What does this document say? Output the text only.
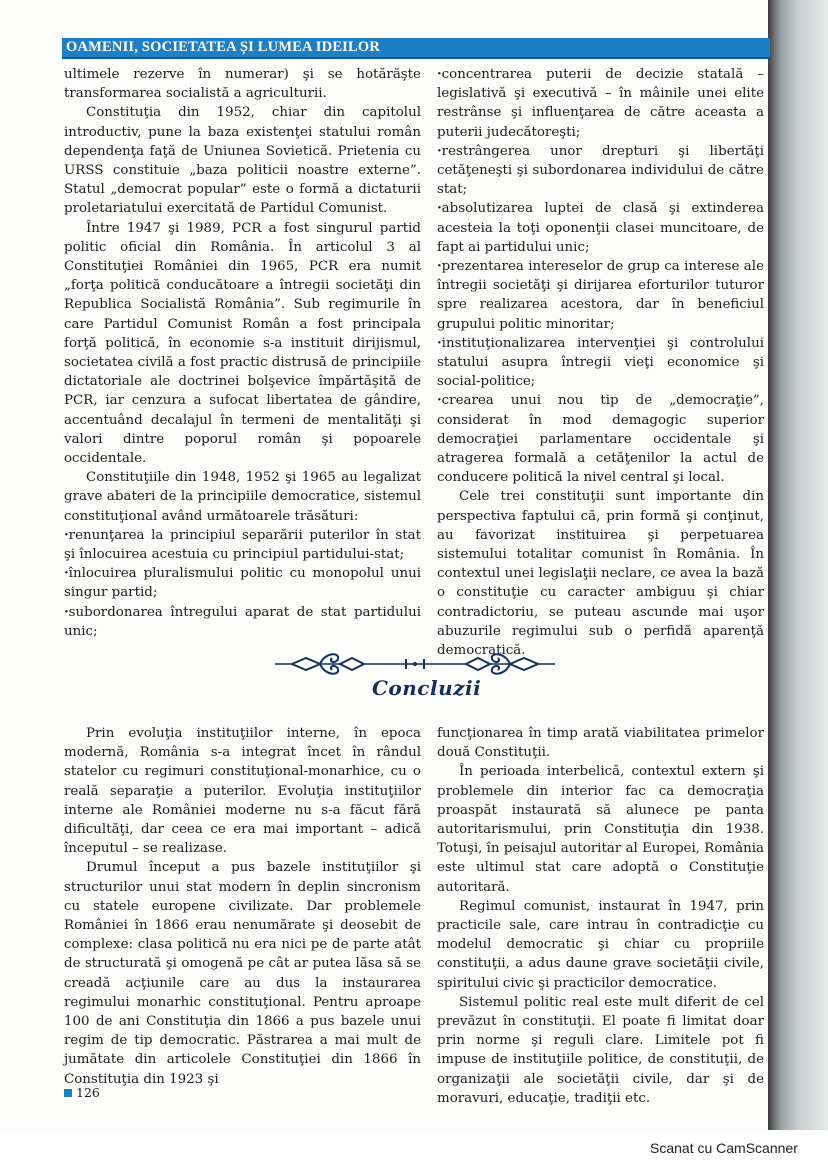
OAMENII, SOCIETATEA ȘI LUMEA IDEILOR

ultimele rezerve în numerar) şi se hotărăşte transformarea socialistă a agriculturii.

Constituţia din 1952, chiar din capitolul introductiv, pune la baza existenţei statului român dependenţa faţă de Uniunea Sovietică. Prietenia cu URSS constituie „baza politicii noastre externe”. Statul „democrat popular” este o formă a dictaturii proletariatului exercitată de Partidul Comunist.

Între 1947 şi 1989, PCR a fost singurul partid politic oficial din România. În articolul 3 al Constituţiei României din 1965, PCR era numit „forţa politică conducătoare a întregii societăţi din Republica Socialistă România”. Sub regimurile în care Partidul Comunist Român a fost principala forţă politică, în economie s-a instituit dirijismul, societatea civilă a fost practic distrusă de principiile dictatoriale ale doctrinei bolşevice împărtăşită de PCR, iar cenzura a sufocat libertatea de gândire, accentuând decalajul în termeni de mentalităţi şi valori dintre poporul român şi popoarele occidentale.

Constituţiile din 1948, 1952 şi 1965 au legalizat grave abateri de la principiile democratice, sistemul constituţional având următoarele trăsături:

· renunţarea la principiul separării puterilor în stat şi înlocuirea acestuia cu principiul partidului-stat;

· înlocuirea pluralismului politic cu monopolul unui singur partid;

· subordonarea întregului aparat de stat partidului unic;

· concentrarea puterii de decizie statală – legislativă şi executivă – în mâinile unei elite restrânse şi influenţarea de către aceasta a puterii judecătoreşti;

· restrângerea unor drepturi şi libertăţi cetăţeneşti şi subordonarea individului de către stat;

· absolutizarea luptei de clasă şi extinderea acesteia la toţi oponenţii clasei muncitoare, de fapt ai partidului unic;

· prezentarea intereselor de grup ca interese ale întregii societăţi şi dirijarea eforturilor tuturor spre realizarea acestora, dar în beneficiul grupului politic minoritar;

· instituţionalizarea intervenţiei şi controlului statului asupra întregii vieţi economice şi social-politice;

· crearea unui nou tip de „democraţie”, considerat în mod demagogic superior democraţiei parlamentare occidentale şi atragerea formală a cetăţenilor la actul de conducere politică la nivel central şi local.

Cele trei constituţii sunt importante din perspectiva faptului că, prin formă şi conţinut, au favorizat instituirea şi perpetuarea sistemului totalitar comunist în România. În contextul unei legislaţii neclare, ce avea la bază o constituţie cu caracter ambiguu şi chiar contradictoriu, se puteau ascunde mai uşor abuzurile regimului sub o perfidă aparenţă democratică.

Concluzii

Prin evoluţia instituţiilor interne, în epoca modernă, România s-a integrat încet în rândul statelor cu regimuri constituţional-monarhice, cu o reală separaţie a puterilor. Evoluţia instituţiilor interne ale României moderne nu s-a făcut fără dificultăţi, dar ceea ce era mai important – adică începutul – se realizase.

Drumul început a pus bazele instituţiilor şi structurilor unui stat modern în deplin sincronism cu statele europene civilizate. Dar problemele României în 1866 erau nenumărate şi deosebit de complexe: clasa politică nu era nici pe de parte atât de structurată şi omogenă pe cât ar putea lăsa să se creadă acţiunile care au dus la instaurarea regimului monarhic constituţional. Pentru aproape 100 de ani Constituţia din 1866 a pus bazele unui regim de tip democratic. Păstrarea a mai mult de jumătate din articolele Constituţiei din 1866 în Constituţia din 1923 şi

funcţionarea în timp arată viabilitatea primelor două Constituţii.

În perioada interbelică, contextul extern şi problemele din interior fac ca democraţia proaspăt instaurată să alunece pe panta autoritarismului, prin Constituţia din 1938. Totuşi, în peisajul autoritar al Europei, România este ultimul stat care adoptă o Constituţie autoritară.

Regimul comunist, instaurat în 1947, prin practicile sale, care intrau în contradicţie cu modelul democratic şi chiar cu propriile constituţii, a adus daune grave societăţii civile, spiritului civic şi practicilor democratice.

Sistemul politic real este mult diferit de cel prevăzut în constituţii. El poate fi limitat doar prin norme şi reguli clare. Limitele pot fi impuse de instituţiile politice, de constituţii, de organizaţii ale societăţii civile, dar şi de moravuri, educaţie, tradiţii etc.

126
Scanat cu CamScanner
